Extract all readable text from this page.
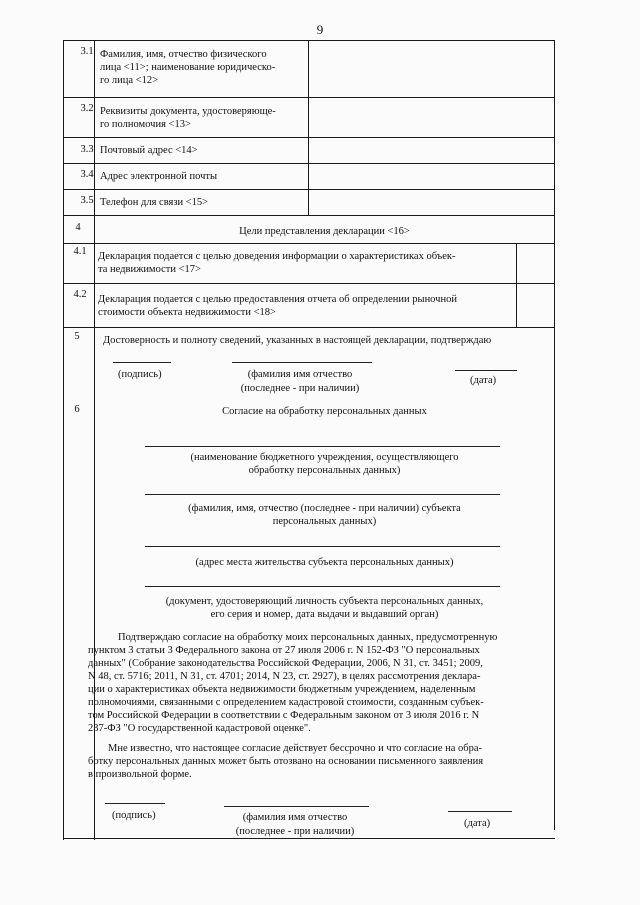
9
3.1
3.2
3.3
3.4
3.5
4
4.1
4.2
5
6
Фамилия, имя, отчество физического
лица <11>; наименование юридическо-
го лица <12>
Реквизиты документа, удостоверяюще-
го полномочия <13>
Почтовый адрес <14>
Адрес электронной почты
Телефон для связи <15>
Цели представления декларации <16>
Декларация подается с целью доведения информации о характеристиках объек-
та недвижимости <17>
Декларация подается с целью предоставления отчета об определении рыночной
стоимости объекта недвижимости <18>
Достоверность и полноту сведений, указанных в настоящей декларации, подтверждаю
(подпись)	(фамилия имя отчество
(последнее - при наличии)
(дата)
Согласие на обработку персональных данных
(наименование бюджетного учреждения, осуществляющего
обработку персональных данных)
(фамилия, имя, отчество (последнее - при наличии) субъекта
персональных данных)
(адрес места жительства субъекта персональных данных)
(документ, удостоверяющий личность субъекта персональных данных,
его серия и номер, дата выдачи и выдавший орган)
Подтверждаю согласие на обработку моих персональных данных, предусмотренную
пунктом 3 статьи 3 Федерального закона от 27 июля 2006 г. N 152-ФЗ "О персональных
данных" (Собрание законодательства Российской Федерации, 2006, N 31, ст. 3451; 2009,
N 48, ст. 5716; 2011, N 31, ст. 4701; 2014, N 23, ст. 2927), в целях рассмотрения деклара-
ции о характеристиках объекта недвижимости бюджетным учреждением, наделенным
полномочиями, связанными с определением кадастровой стоимости, созданным субъек-
том Российской Федерации в соответствии с Федеральным законом от 3 июля 2016 г. N
237-ФЗ "О государственной кадастровой оценке".
Мне известно, что настоящее согласие действует бессрочно и что согласие на обра-
ботку персональных данных может быть отозвано на основании письменного заявления
в произвольной форме.
(подпись)	(фамилия имя отчество
(последнее - при наличии)
(дата)
